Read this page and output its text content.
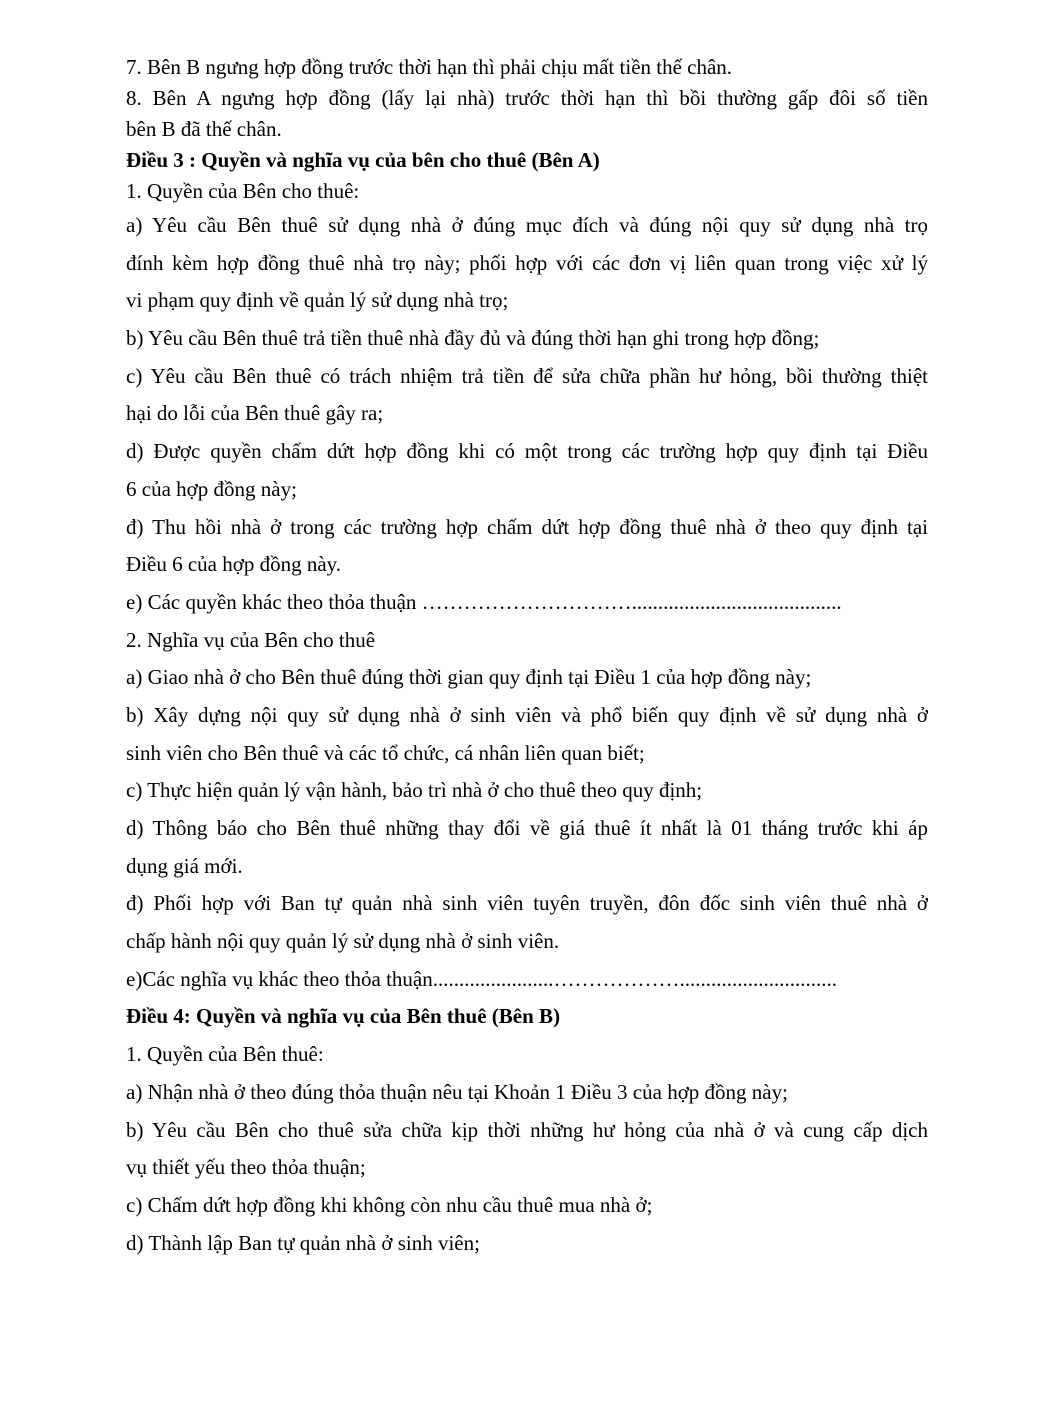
7. Bên B ngưng hợp đồng trước thời hạn thì phải chịu mất tiền thế chân.
8. Bên A ngưng hợp đồng (lấy lại nhà) trước thời hạn thì bồi thường gấp đôi số tiền
bên B đã thế chân.
Điều 3 : Quyền và nghĩa vụ của bên cho thuê (Bên A)
1. Quyền của Bên cho thuê:
a) Yêu cầu Bên thuê sử dụng nhà ở đúng mục đích và đúng nội quy sử dụng nhà trọ
đính kèm hợp đồng thuê nhà trọ này; phối hợp với các đơn vị liên quan trong việc xử lý
vi phạm quy định về quản lý sử dụng nhà trọ;
b) Yêu cầu Bên thuê trả tiền thuê nhà đầy đủ và đúng thời hạn ghi trong hợp đồng;
c) Yêu cầu Bên thuê có trách nhiệm trả tiền để sửa chữa phần hư hỏng, bồi thường thiệt
hại do lỗi của Bên thuê gây ra;
d) Được quyền chấm dứt hợp đồng khi có một trong các trường hợp quy định tại Điều
6 của hợp đồng này;
đ) Thu hồi nhà ở trong các trường hợp chấm dứt hợp đồng thuê nhà ở theo quy định tại
Điều 6 của hợp đồng này.
e) Các quyền khác theo thỏa thuận …………………………........................................
2. Nghĩa vụ của Bên cho thuê
a) Giao nhà ở cho Bên thuê đúng thời gian quy định tại Điều 1 của hợp đồng này;
b) Xây dựng nội quy sử dụng nhà ở sinh viên và phổ biến quy định về sử dụng nhà ở
sinh viên cho Bên thuê và các tổ chức, cá nhân liên quan biết;
c) Thực hiện quản lý vận hành, bảo trì nhà ở cho thuê theo quy định;
d) Thông báo cho Bên thuê những thay đổi về giá thuê ít nhất là 01 tháng trước khi áp
dụng giá mới.
đ) Phối hợp với Ban tự quản nhà sinh viên tuyên truyền, đôn đốc sinh viên thuê nhà ở
chấp hành nội quy quản lý sử dụng nhà ở sinh viên.
e)Các nghĩa vụ khác theo thỏa thuận.......................………………..............................
Điều 4: Quyền và nghĩa vụ của Bên thuê (Bên B)
1. Quyền của Bên thuê:
a) Nhận nhà ở theo đúng thỏa thuận nêu tại Khoản 1 Điều 3 của hợp đồng này;
b) Yêu cầu Bên cho thuê sửa chữa kịp thời những hư hỏng của nhà ở và cung cấp dịch
vụ thiết yếu theo thỏa thuận;
c) Chấm dứt hợp đồng khi không còn nhu cầu thuê mua nhà ở;
d) Thành lập Ban tự quản nhà ở sinh viên;
